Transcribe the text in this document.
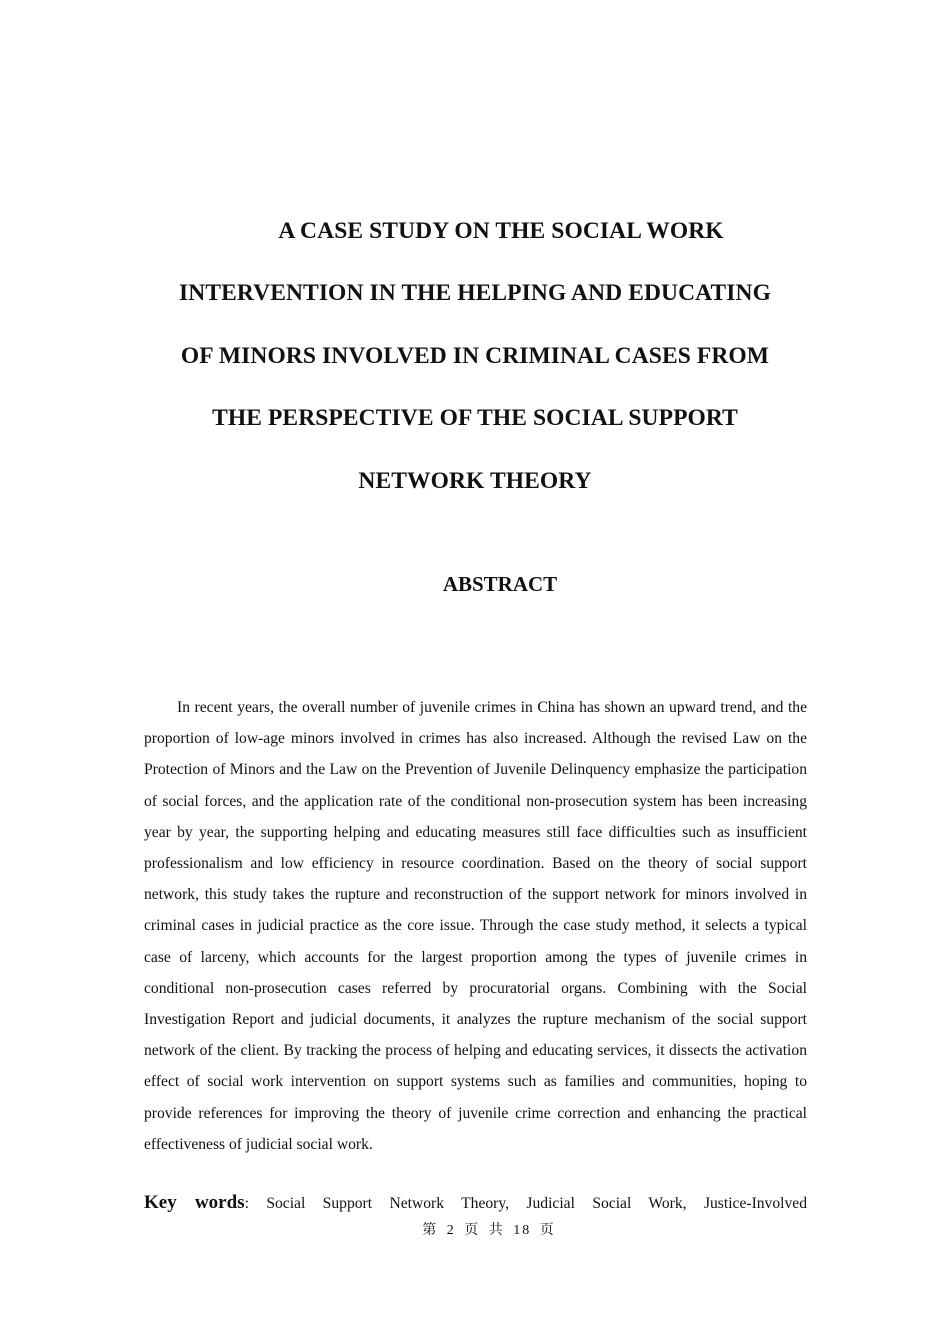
A CASE STUDY ON THE SOCIAL WORK
INTERVENTION IN THE HELPING AND EDUCATING
OF MINORS INVOLVED IN CRIMINAL CASES FROM
THE PERSPECTIVE OF THE SOCIAL SUPPORT
NETWORK THEORY
ABSTRACT
In recent years, the overall number of juvenile crimes in China has shown an upward trend, and the proportion of low-age minors involved in crimes has also increased. Although the revised Law on the Protection of Minors and the Law on the Prevention of Juvenile Delinquency emphasize the participation of social forces, and the application rate of the conditional non-prosecution system has been increasing year by year, the supporting helping and educating measures still face difficulties such as insufficient professionalism and low efficiency in resource coordination. Based on the theory of social support network, this study takes the rupture and reconstruction of the support network for minors involved in criminal cases in judicial practice as the core issue. Through the case study method, it selects a typical case of larceny, which accounts for the largest proportion among the types of juvenile crimes in conditional non-prosecution cases referred by procuratorial organs. Combining with the Social Investigation Report and judicial documents, it analyzes the rupture mechanism of the social support network of the client. By tracking the process of helping and educating services, it dissects the activation effect of social work intervention on support systems such as families and communities, hoping to provide references for improving the theory of juvenile crime correction and enhancing the practical effectiveness of judicial social work.
Key words: Social Support Network Theory, Judicial Social Work, Justice-Involved
第 2 页 共 18 页
